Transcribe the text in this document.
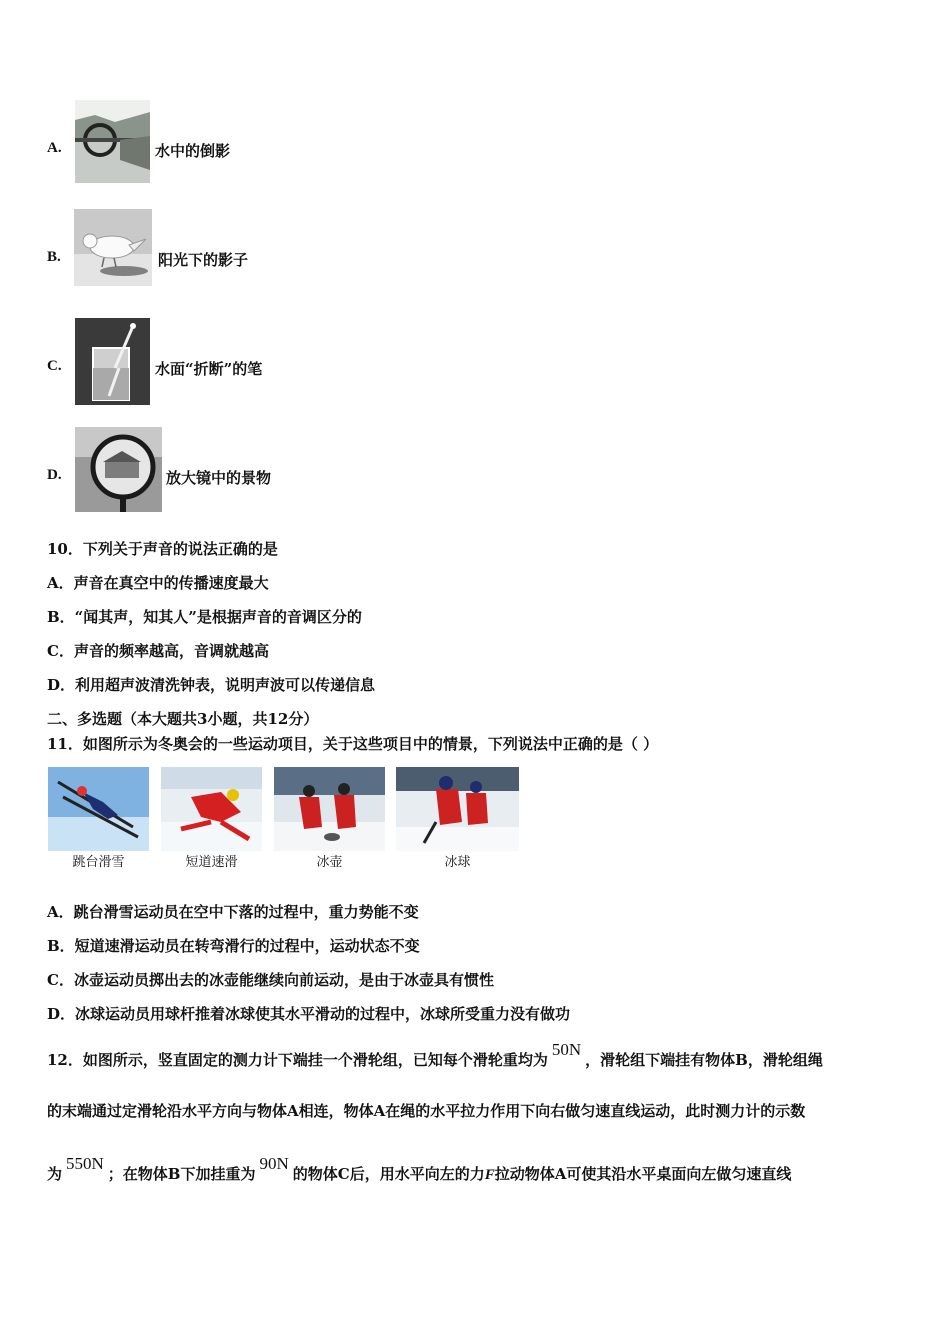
A.	水中的倒影
B.	阳光下的影子
C.	水面“折断”的笔
D.	放大镜中的景物
10．下列关于声音的说法正确的是
A．声音在真空中的传播速度最大
B．“闻其声，知其人”是根据声音的音调区分的
C．声音的频率越高，音调就越高
D．利用超声波清洗钟表，说明声波可以传递信息
二、多选题（本大题共3小题，共12分）
11．如图所示为冬奥会的一些运动项目，关于这些项目中的情景，下列说法中正确的是（ ）
跳台滑雪	短道速滑	冰壶	冰球
A．跳台滑雪运动员在空中下落的过程中，重力势能不变
B．短道速滑运动员在转弯滑行的过程中，运动状态不变
C．冰壶运动员掷出去的冰壶能继续向前运动，是由于冰壶具有惯性
D．冰球运动员用球杆推着冰球使其水平滑动的过程中，冰球所受重力没有做功
12．如图所示，竖直固定的测力计下端挂一个滑轮组，已知每个滑轮重均为50N，滑轮组下端挂有物体B，滑轮组绳
的末端通过定滑轮沿水平方向与物体A相连，物体A在绳的水平拉力作用下向右做匀速直线运动，此时测力计的示数
为550N；在物体B下加挂重为90N的物体C后，用水平向左的力F拉动物体A可使其沿水平桌面向左做匀速直线
